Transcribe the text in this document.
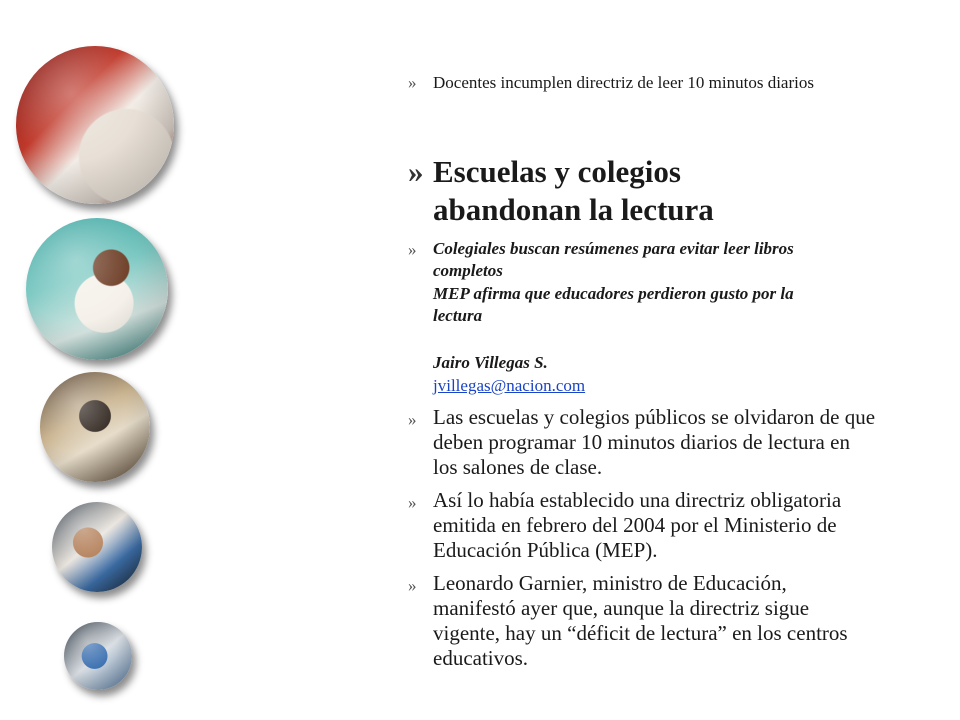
» Docentes incumplen directriz de leer 10 minutos diarios
» Escuelas y colegios
abandonan la lectura
» Colegiales buscan resúmenes para evitar leer libros
completos
MEP afirma que educadores perdieron gusto por la
lectura
Jairo Villegas S.
jvillegas@nacion.com
» Las escuelas y colegios públicos se olvidaron de que
deben programar 10 minutos diarios de lectura en
los salones de clase.
» Así lo había establecido una directriz obligatoria
emitida en febrero del 2004 por el Ministerio de
Educación Pública (MEP).
» Leonardo Garnier, ministro de Educación,
manifestó ayer que, aunque la directriz sigue
vigente, hay un “déficit de lectura” en los centros
educativos.
